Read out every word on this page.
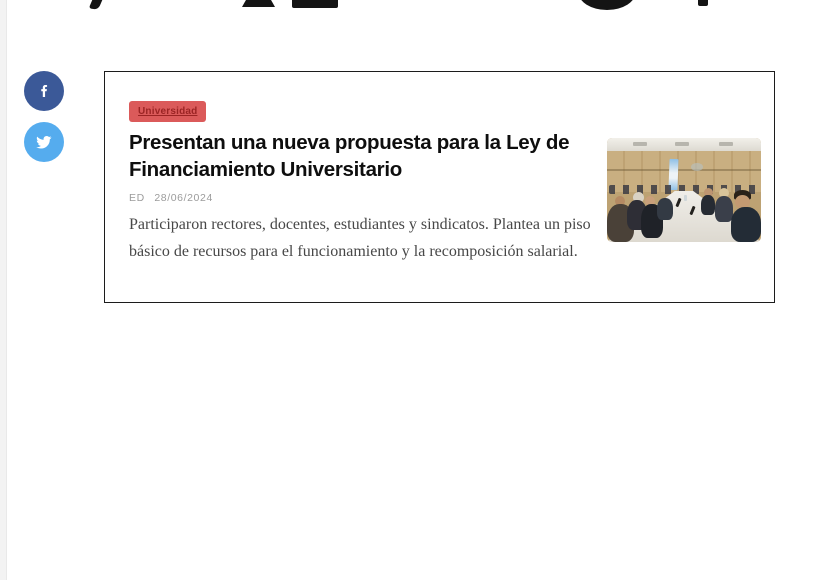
Universidad
Presentan una nueva propuesta para la Ley de Financiamiento Universitario
ED 28/06/2024

Participaron rectores, docentes, estudiantes y sindicatos. Plantea un piso básico de recursos para el funcionamiento y la recomposición salarial.
